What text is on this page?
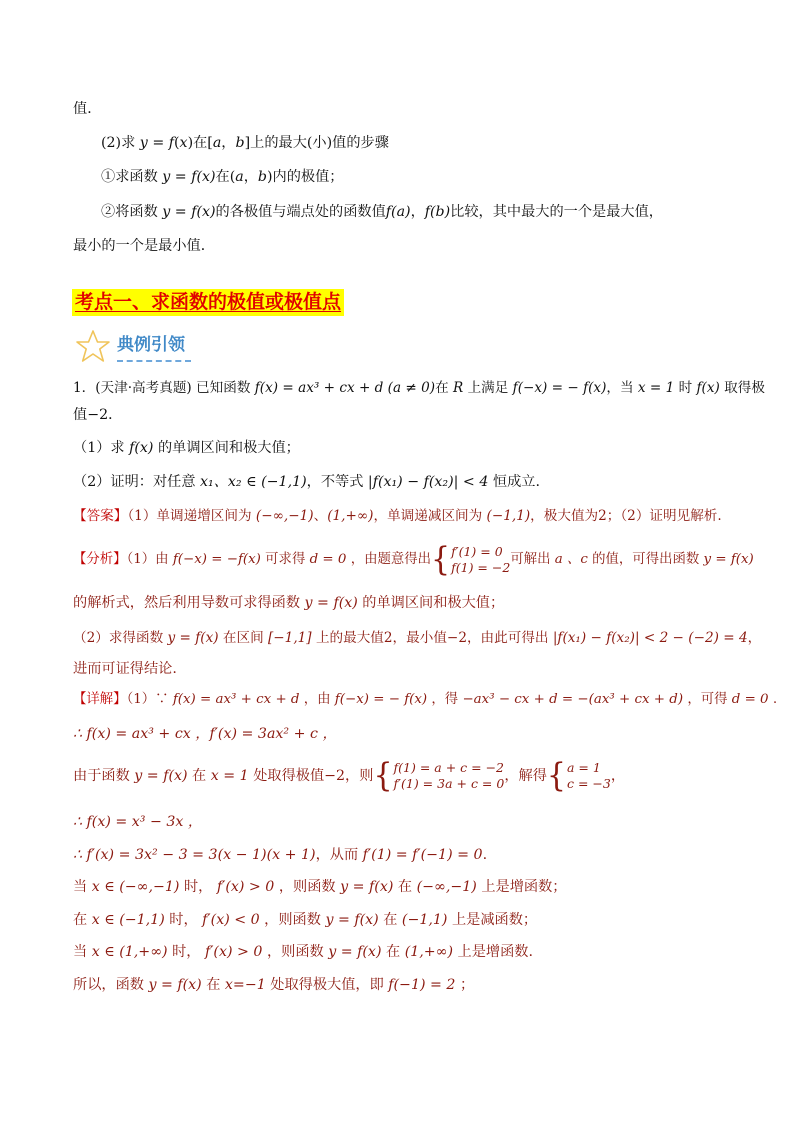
值．
(2)求 y = f(x)在[a，b]上的最大(小)值的步骤
①求函数 y = f(x)在(a，b)内的极值；
②将函数 y = f(x)的各极值与端点处的函数值f(a)，f(b)比较，其中最大的一个是最大值，
最小的一个是最小值．
考点一、求函数的极值或极值点
典例引领
1．(天津·高考真题) 已知函数 f(x) = ax³ + cx + d (a ≠ 0)在 R 上满足 f(−x) = − f(x)，当 x = 1 时 f(x) 取得极
值−2．
（1）求 f(x) 的单调区间和极大值；
（2）证明：对任意 x₁、x₂ ∈ (−1,1)，不等式 |f(x₁) − f(x₂)| < 4 恒成立.
【答案】（1）单调递增区间为 (−∞,−1)、(1,+∞)，单调递减区间为 (−1,1)，极大值为2；（2）证明见解析.
【分析】（1）由 f(−x) = −f(x) 可求得 d = 0 ，由题意得出{f′(1) = 0
f(1) = −2可解出 a 、c 的值，可得出函数 y = f(x)
的解析式，然后利用导数可求得函数 y = f(x) 的单调区间和极大值；
（2）求得函数 y = f(x) 在区间 [−1,1] 上的最大值2，最小值−2，由此可得出 |f(x₁) − f(x₂)| < 2 − (−2) = 4，
进而可证得结论.
【详解】（1）∵ f(x) = ax³ + cx + d ，由 f(−x) = − f(x) ，得 −ax³ − cx + d = −(ax³ + cx + d) ，可得 d = 0 .
∴ f(x) = ax³ + cx ，f′(x) = 3ax² + c ，
由于函数 y = f(x) 在 x = 1 处取得极值−2，则{f(1) = a + c = −2
f′(1) = 3a + c = 0，解得{a = 1
c = −3，
∴ f(x) = x³ − 3x ，
∴ f′(x) = 3x² − 3 = 3(x − 1)(x + 1)，从而 f′(1) = f′(−1) = 0.
当 x ∈ (−∞,−1) 时， f′(x) > 0 ，则函数 y = f(x) 在 (−∞,−1) 上是增函数；
在 x ∈ (−1,1) 时， f′(x) < 0 ，则函数 y = f(x) 在 (−1,1) 上是减函数；
当 x ∈ (1,+∞) 时， f′(x) > 0 ，则函数 y = f(x) 在 (1,+∞) 上是增函数.
所以，函数 y = f(x) 在 x=−1 处取得极大值，即 f(−1) = 2 ；
